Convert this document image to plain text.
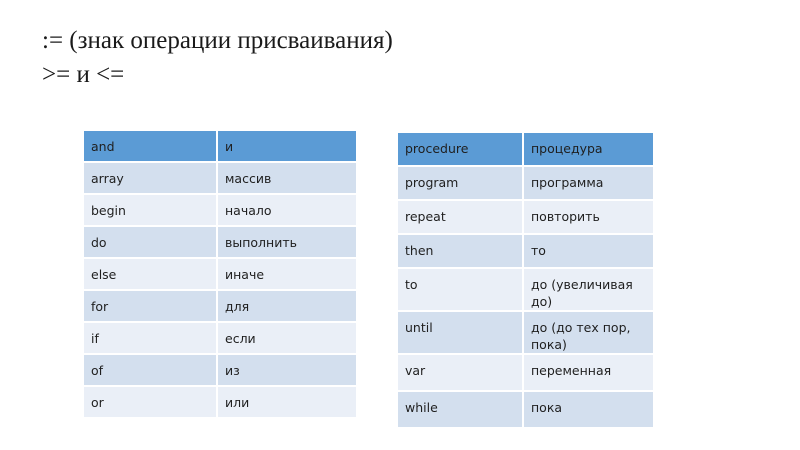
:= (знак операции присваивания)
>= и <=
and	и
array	массив
begin	начало
do	выполнить
else	иначе
for	для
if	если
of	из
or	или
procedure	процедура
program	программа
repeat	повторить
then	то
to	до (увеличивая
до)

until	до (до тех пор,
пока)

var	переменная
while	пока
